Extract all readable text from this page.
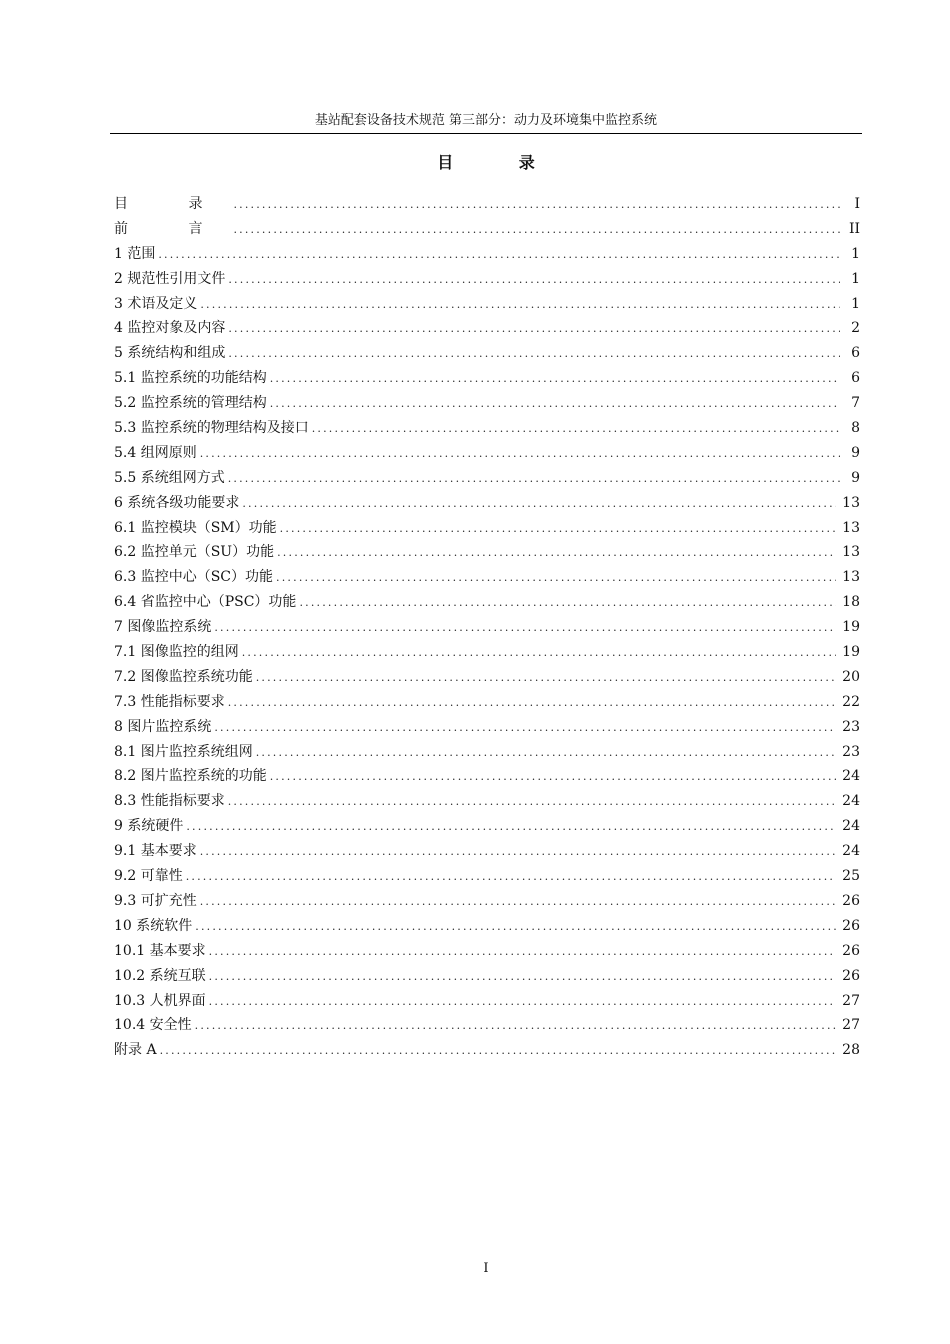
基站配套设备技术规范 第三部分：动力及环境集中监控系统
目 录
目 录 .....	I
前 言 .....	II
1 范围 .....	1
2 规范性引用文件 .....	1
3 术语及定义 .....	1
4 监控对象及内容 .....	2
5 系统结构和组成 .....	6
5.1 监控系统的功能结构 .....	6
5.2 监控系统的管理结构 .....	7
5.3 监控系统的物理结构及接口 .....	8
5.4 组网原则 .....	9
5.5 系统组网方式 .....	9
6 系统各级功能要求 .....	13
6.1 监控模块（SM）功能 .....	13
6.2 监控单元（SU）功能 .....	13
6.3 监控中心（SC）功能 .....	13
6.4 省监控中心（PSC）功能 .....	18
7 图像监控系统 .....	19
7.1 图像监控的组网 .....	19
7.2 图像监控系统功能 .....	20
7.3 性能指标要求 .....	22
8 图片监控系统 .....	23
8.1 图片监控系统组网 .....	23
8.2 图片监控系统的功能 .....	24
8.3 性能指标要求 .....	24
9 系统硬件 .....	24
9.1 基本要求 .....	24
9.2 可靠性 .....	25
9.3 可扩充性 .....	26
10 系统软件 .....	26
10.1 基本要求 .....	26
10.2 系统互联 .....	26
10.3 人机界面 .....	27
10.4 安全性 .....	27
附录 A .....	28
I
